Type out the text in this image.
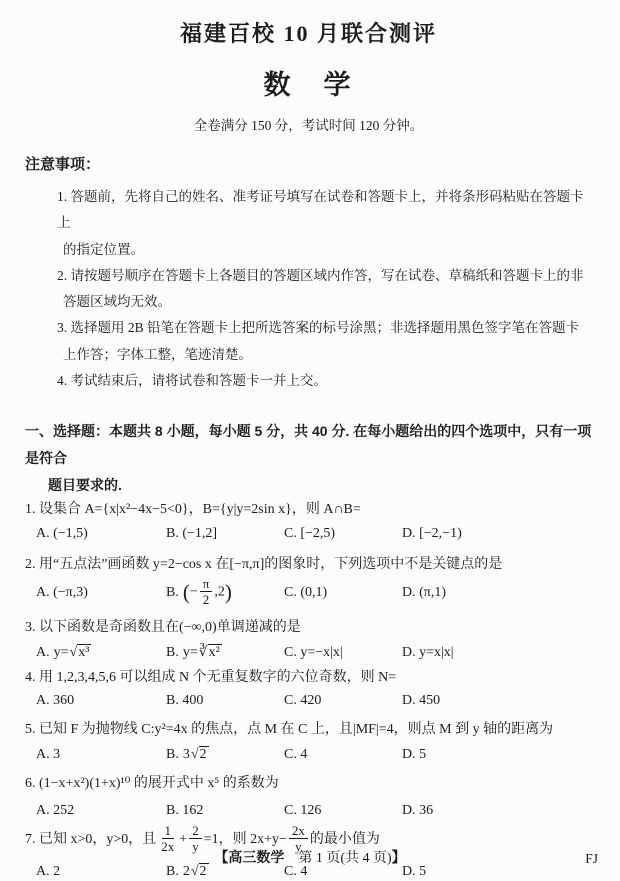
福建百校 10 月联合测评
数　学

全卷满分 150 分，考试时间 120 分钟。

注意事项：
1. 答题前，先将自己的姓名、准考证号填写在试卷和答题卡上，并将条形码粘贴在答题卡上
的指定位置。
2. 请按题号顺序在答题卡上各题目的答题区域内作答，写在试卷、草稿纸和答题卡上的非
答题区域均无效。
3. 选择题用 2B 铅笔在答题卡上把所选答案的标号涂黑；非选择题用黑色签字笔在答题卡
上作答；字体工整，笔迹清楚。
4. 考试结束后，请将试卷和答题卡一并上交。
一、选择题：本题共 8 小题，每小题 5 分，共 40 分. 在每小题给出的四个选项中，只有一项是符合
题目要求的.
1. 设集合 A={x|x²−4x−5<0}，B={y|y=2sin x}，则 A∩B=
A. (−1,5)	B. (−1,2]	C. [−2,5)	D. [−2,−1)
2. 用“五点法”画函数 y=2−cos x 在[−π,π]的图象时，下列选项中不是关键点的是
A. (−π,3)	B. (− $\frac{\pi}{2} ,2$)	C. (0,1)	D. (π,1)
3. 以下函数是奇函数且在(−∞,0)单调递减的是
A. y=√x³	B. y=∛x²	C. y=−x|x|	D. y=x|x|
4. 用 1,2,3,4,5,6 可以组成 N 个无重复数字的六位奇数，则 N=
A. 360	B. 400	C. 420	D. 450
5. 已知 F 为抛物线 C:y²=4x 的焦点，点 M 在 C 上，且|MF|=4，则点 M 到 y 轴的距离为
A. 3	B. 3√2	C. 4	D. 5
6. (1−x+x²)(1+x)¹⁰ 的展开式中 x⁵ 的系数为
A. 252	B. 162	C. 126	D. 36
7. 已知 x>0，y>0，且 $\frac{1}{2x} + \frac{2}{y} =1$，则 $2x+y- \frac{2x}{y}$ 的最小值为
A. 2	B. 2√2	C. 4	D. 5
【高三数学　第 1 页(共 4 页)】	FJ
